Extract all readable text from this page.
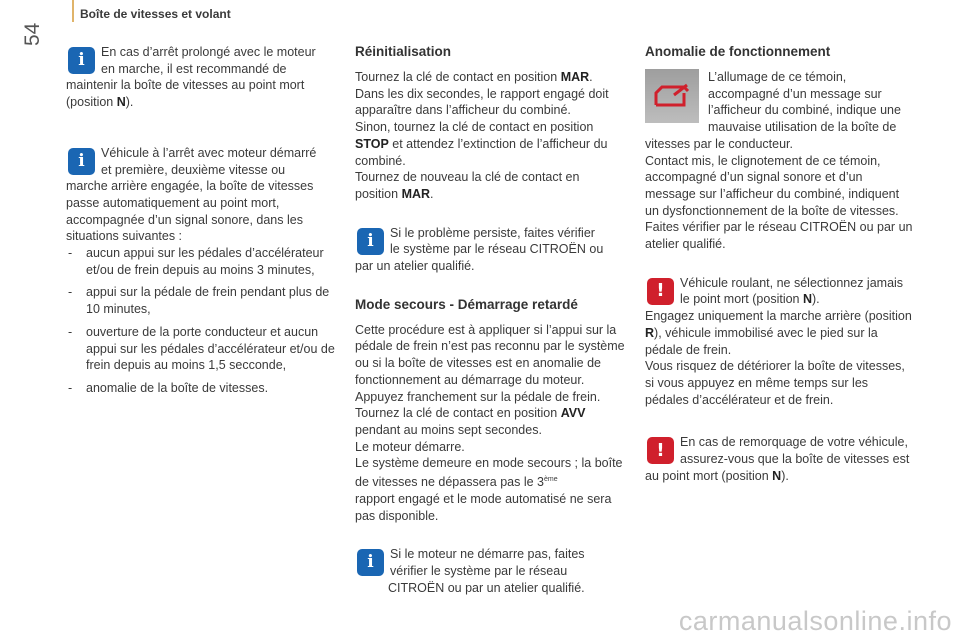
Boîte de vitesses et volant
54
i	En cas d’arrêt prolongé avec le moteur
en marche, il est recommandé de
maintenir la boîte de vitesses au point mort
(position N).

i	Véhicule à l’arrêt avec moteur démarré
et première, deuxième vitesse ou
marche arrière engagée, la boîte de vitesses passe automatiquement au point mort, accompagnée d’un signal sonore, dans les situations suivantes :

- aucun appui sur les pédales d’accélérateur et/ou de frein depuis au moins 3 minutes,
- appui sur la pédale de frein pendant plus de 10 minutes,
- ouverture de la porte conducteur et aucun appui sur les pédales d’accélérateur et/ou de frein depuis au moins 1,5 secconde,
- anomalie de la boîte de vitesses.
Réinitialisation

Tournez la clé de contact en position MAR.
Dans les dix secondes, le rapport engagé doit apparaître dans l’afficheur du combiné.
Sinon, tournez la clé de contact en position STOP et attendez l’extinction de l’afficheur du combiné.
Tournez de nouveau la clé de contact en position MAR.

i	Si le problème persiste, faites vérifier
le système par le réseau CITROËN ou
par un atelier qualifié.

Mode secours - Démarrage retardé

Cette procédure est à appliquer si l’appui sur la pédale de frein n’est pas reconnu par le système ou si la boîte de vitesses est en anomalie de fonctionnement au démarrage du moteur.
Appuyez franchement sur la pédale de frein.
Tournez la clé de contact en position AVV
pendant au moins sept secondes.
Le moteur démarre.
Le système demeure en mode secours ; la boîte de vitesses ne dépassera pas le 3ème
rapport engagé et le mode automatisé ne sera pas disponible.

i	Si le moteur ne démarre pas, faites vérifier le système par le réseau CITROËN ou par un atelier qualifié.

Anomalie de fonctionnement

L’allumage de ce témoin, accompagné d’un message sur l’afficheur du combiné, indique une mauvaise utilisation de la boîte de vitesses par le conducteur.
Contact mis, le clignotement de ce témoin, accompagné d’un signal sonore et d’un message sur l’afficheur du combiné, indiquent un dysfonctionnement de la boîte de vitesses.
Faites vérifier par le réseau CITROËN ou par un atelier qualifié.

!	Véhicule roulant, ne sélectionnez jamais le point mort (position N).
Engagez uniquement la marche arrière (position R), véhicule immobilisé avec le pied sur la pédale de frein.
Vous risquez de détériorer la boîte de vitesses, si vous appuyez en même temps sur les pédales d’accélérateur et de frein.

!	En cas de remorquage de votre véhicule, assurez-vous que la boîte de vitesses est au point mort (position N).

carmanualsonline.info
